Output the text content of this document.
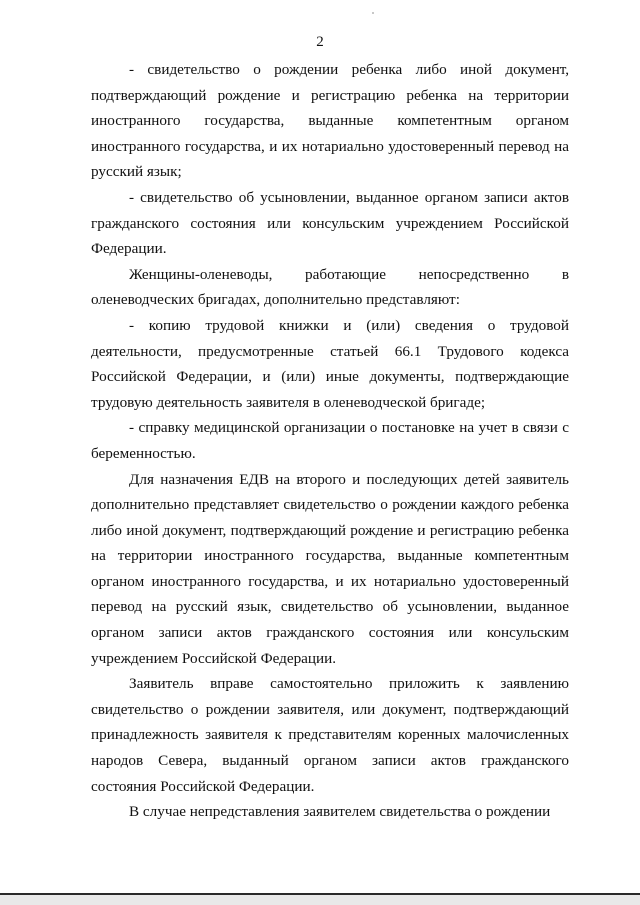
2

- свидетельство о рождении ребенка либо иной документ, подтверждающий рождение и регистрацию ребенка на территории иностранного государства, выданные компетентным органом иностранного государства, и их нотариально удостоверенный перевод на русский язык;

- свидетельство об усыновлении, выданное органом записи актов гражданского состояния или консульским учреждением Российской Федерации.

Женщины-оленеводы, работающие непосредственно в оленеводческих бригадах, дополнительно представляют:

- копию трудовой книжки и (или) сведения о трудовой деятельности, предусмотренные статьей 66.1 Трудового кодекса Российской Федерации, и (или) иные документы, подтверждающие трудовую деятельность заявителя в оленеводческой бригаде;

- справку медицинской организации о постановке на учет в связи с беременностью.

Для назначения ЕДВ на второго и последующих детей заявитель дополнительно представляет свидетельство о рождении каждого ребенка либо иной документ, подтверждающий рождение и регистрацию ребенка на территории иностранного государства, выданные компетентным органом иностранного государства, и их нотариально удостоверенный перевод на русский язык, свидетельство об усыновлении, выданное органом записи актов гражданского состояния или консульским учреждением Российской Федерации.

Заявитель вправе самостоятельно приложить к заявлению свидетельство о рождении заявителя, или документ, подтверждающий принадлежность заявителя к представителям коренных малочисленных народов Севера, выданный органом записи актов гражданского состояния Российской Федерации.

В случае непредставления заявителем свидетельства о рождении
